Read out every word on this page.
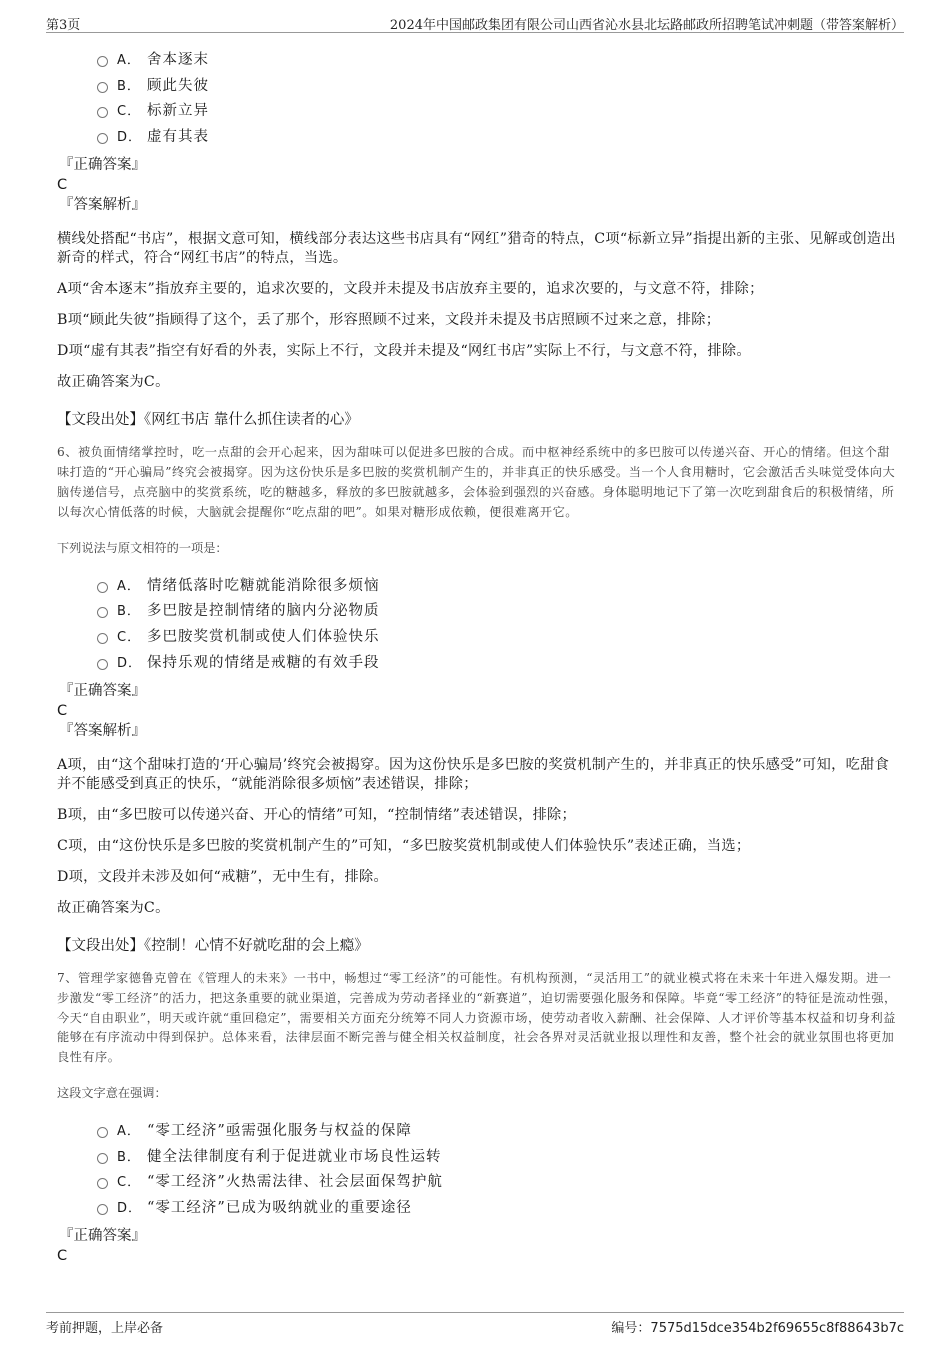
第3页	2024年中国邮政集团有限公司山西省沁水县北坛路邮政所招聘笔试冲刺题（带答案解析）
A． 舍本逐末
B． 顾此失彼
C． 标新立异
D． 虚有其表
『正确答案』
C
『答案解析』

横线处搭配“书店”，根据文意可知，横线部分表达这些书店具有“网红”猎奇的特点，C项“标新立异”指提出新的主张、见解或创造出新奇的样式，符合“网红书店”的特点，当选。

A项“舍本逐末”指放弃主要的，追求次要的，文段并未提及书店放弃主要的，追求次要的，与文意不符，排除；

B项“顾此失彼”指顾得了这个，丢了那个，形容照顾不过来，文段并未提及书店照顾不过来之意，排除；

D项“虚有其表”指空有好看的外表，实际上不行，文段并未提及“网红书店”实际上不行，与文意不符，排除。

故正确答案为C。

【文段出处】《网红书店 靠什么抓住读者的心》

6、被负面情绪掌控时，吃一点甜的会开心起来，因为甜味可以促进多巴胺的合成。而中枢神经系统中的多巴胺可以传递兴奋、开心的情绪。但这个甜味打造的“开心骗局”终究会被揭穿。因为这份快乐是多巴胺的奖赏机制产生的，并非真正的快乐感受。当一个人食用糖时，它会激活舌头味觉受体向大脑传递信号，点亮脑中的奖赏系统，吃的糖越多，释放的多巴胺就越多，会体验到强烈的兴奋感。身体聪明地记下了第一次吃到甜食后的积极情绪，所以每次心情低落的时候，大脑就会提醒你“吃点甜的吧”。如果对糖形成依赖，便很难离开它。
下列说法与原文相符的一项是：
A． 情绪低落时吃糖就能消除很多烦恼
B． 多巴胺是控制情绪的脑内分泌物质
C． 多巴胺奖赏机制或使人们体验快乐
D． 保持乐观的情绪是戒糖的有效手段
『正确答案』
C
『答案解析』

A项，由“这个甜味打造的‘开心骗局’终究会被揭穿。因为这份快乐是多巴胺的奖赏机制产生的，并非真正的快乐感受”可知，吃甜食并不能感受到真正的快乐，“就能消除很多烦恼”表述错误，排除；

B项，由“多巴胺可以传递兴奋、开心的情绪”可知，“控制情绪”表述错误，排除；

C项，由“这份快乐是多巴胺的奖赏机制产生的”可知，“多巴胺奖赏机制或使人们体验快乐”表述正确，当选；

D项，文段并未涉及如何“戒糖”，无中生有，排除。

故正确答案为C。

【文段出处】《控制！心情不好就吃甜的会上瘾》

7、管理学家德鲁克曾在《管理人的未来》一书中，畅想过“零工经济”的可能性。有机构预测，“灵活用工”的就业模式将在未来十年进入爆发期。进一步激发“零工经济”的活力，把这条重要的就业渠道，完善成为劳动者择业的“新赛道”，迫切需要强化服务和保障。毕竟“零工经济”的特征是流动性强，今天“自由职业”，明天或许就“重回稳定”，需要相关方面充分统筹不同人力资源市场，使劳动者收入薪酬、社会保障、人才评价等基本权益和切身利益能够在有序流动中得到保护。总体来看，法律层面不断完善与健全相关权益制度，社会各界对灵活就业报以理性和友善，整个社会的就业氛围也将更加良性有序。
这段文字意在强调：
A． “零工经济”亟需强化服务与权益的保障
B． 健全法律制度有利于促进就业市场良性运转
C． “零工经济”火热需法律、社会层面保驾护航
D． “零工经济”已成为吸纳就业的重要途径
『正确答案』
C
考前押题，上岸必备	编号：7575d15dce354b2f69655c8f88643b7c
